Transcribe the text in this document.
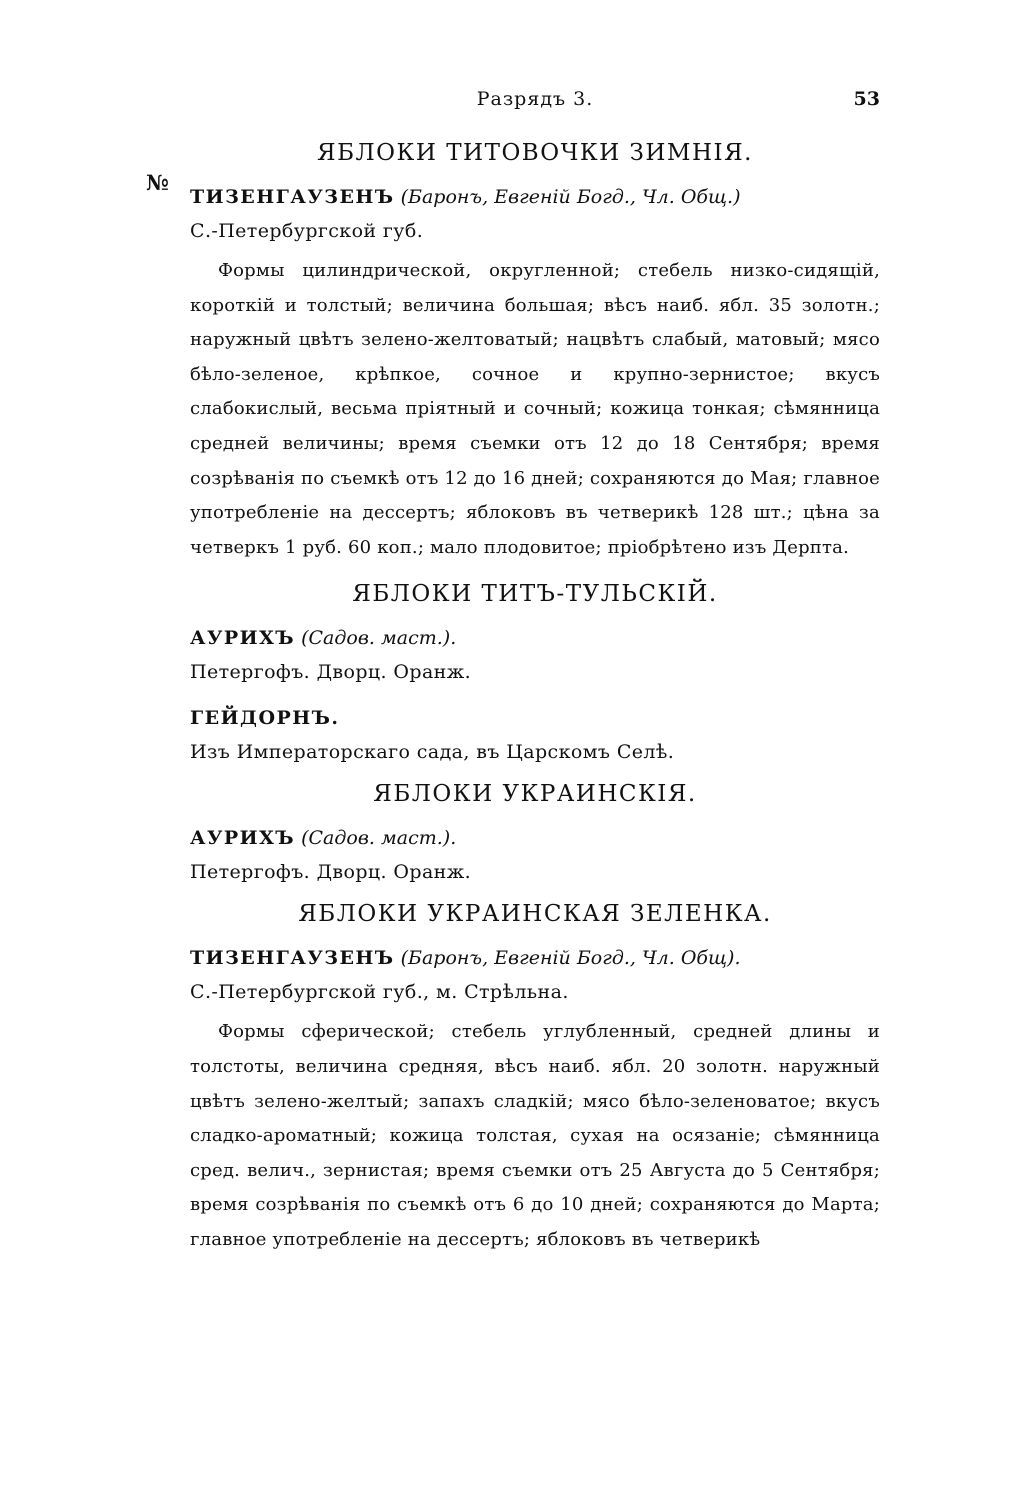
Разрядъ 3.	53
№
ЯБЛОКИ ТИТОВОЧКИ ЗИМНІЯ.
ТИЗЕНГАУЗЕНЪ (Баронъ, Евгеній Богд., Чл. Общ.)
С.-Петербургской губ.

Формы цилиндрической, округленной; стебель низко-сидящій, короткій и толстый; величина большая; вѣсъ наиб. ябл. 35 золотн.; наружный цвѣтъ зелено-желтоватый; нацвѣтъ слабый, матовый; мясо бѣло-зеленое, крѣпкое, сочное и крупно-зернистое; вкусъ слабокислый, весьма пріятный и сочный; кожица тонкая; сѣмянница средней величины; время съемки отъ 12 до 18 Сентября; время созрѣванія по съемкѣ отъ 12 до 16 дней; сохраняются до Мая; главное употребленіе на дессертъ; яблоковъ въ четверикѣ 128 шт.; цѣна за четверкъ 1 руб. 60 коп.; мало плодовитое; пріобрѣтено изъ Дерпта.

ЯБЛОКИ ТИТЪ-ТУЛЬСКІЙ.
АУРИХЪ (Садов. маст.).
Петергофъ. Дворц. Оранж.
ГЕЙДОРНЪ.
Изъ Императорскаго сада, въ Царскомъ Селѣ.
ЯБЛОКИ УКРАИНСКІЯ.
АУРИХЪ (Садов. маст.).
Петергофъ. Дворц. Оранж.
ЯБЛОКИ УКРАИНСКАЯ ЗЕЛЕНКА.
ТИЗЕНГАУЗЕНЪ (Баронъ, Евгеній Богд., Чл. Общ).
С.-Петербургской губ., м. Стрѣльна.

Формы сферической; стебель углубленный, средней длины и толстоты, величина средняя, вѣсъ наиб. ябл. 20 золотн. наружный цвѣтъ зелено-желтый; запахъ сладкій; мясо бѣло-зеленоватое; вкусъ сладко-ароматный; кожица толстая, сухая на осязаніе; сѣмянница сред. велич., зернистая; время съемки отъ 25 Августа до 5 Сентября; время созрѣванія по съемкѣ отъ 6 до 10 дней; сохраняются до Марта; главное употребленіе на дессертъ; яблоковъ въ четверикѣ
